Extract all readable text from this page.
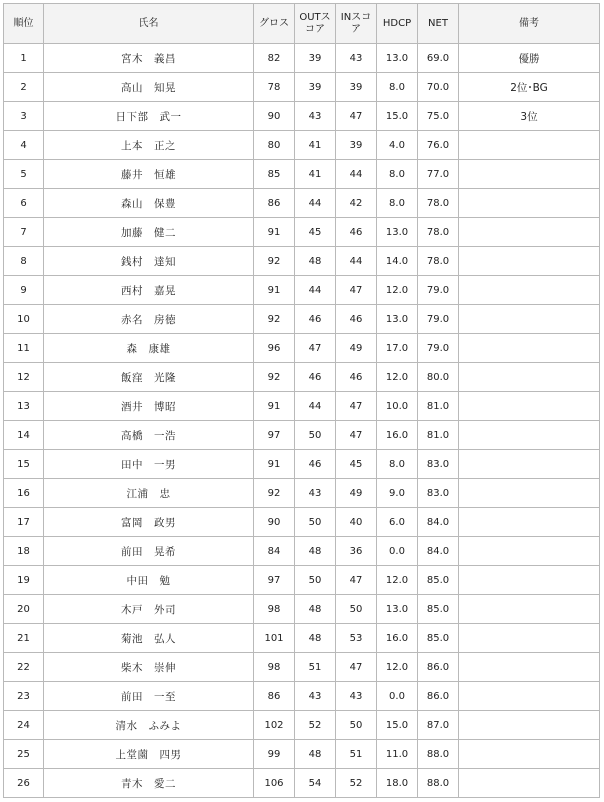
順位	氏名	グロス	OUTスコア	INスコア	HDCP	NET	備考
1	宮木　義昌	82	39	43	13.0	69.0	優勝
2	高山　知晃	78	39	39	8.0	70.0	2位･BG
3	日下部　武一	90	43	47	15.0	75.0	3位
4	上本　正之	80	41	39	4.0	76.0	
5	藤井　恒雄	85	41	44	8.0	77.0	
6	森山　保豊	86	44	42	8.0	78.0	
7	加藤　健二	91	45	46	13.0	78.0	
8	銭村　達知	92	48	44	14.0	78.0	
9	西村　嘉晃	91	44	47	12.0	79.0	
10	赤名　房徳	92	46	46	13.0	79.0	
11	森　康雄	96	47	49	17.0	79.0	
12	飯窪　光隆	92	46	46	12.0	80.0	
13	酒井　博昭	91	44	47	10.0	81.0	
14	高橋　一浩	97	50	47	16.0	81.0	
15	田中　一男	91	46	45	8.0	83.0	
16	江浦　忠	92	43	49	9.0	83.0	
17	富岡　政男	90	50	40	6.0	84.0	
18	前田　晃希	84	48	36	0.0	84.0	
19	中田　勉	97	50	47	12.0	85.0	
20	木戸　外司	98	48	50	13.0	85.0	
21	菊池　弘人	101	48	53	16.0	85.0	
22	柴木　崇伸	98	51	47	12.0	86.0	
23	前田　一至	86	43	43	0.0	86.0	
24	清水　ふみよ	102	52	50	15.0	87.0	
25	上堂薗　四男	99	48	51	11.0	88.0	
26	青木　愛二	106	54	52	18.0	88.0	
